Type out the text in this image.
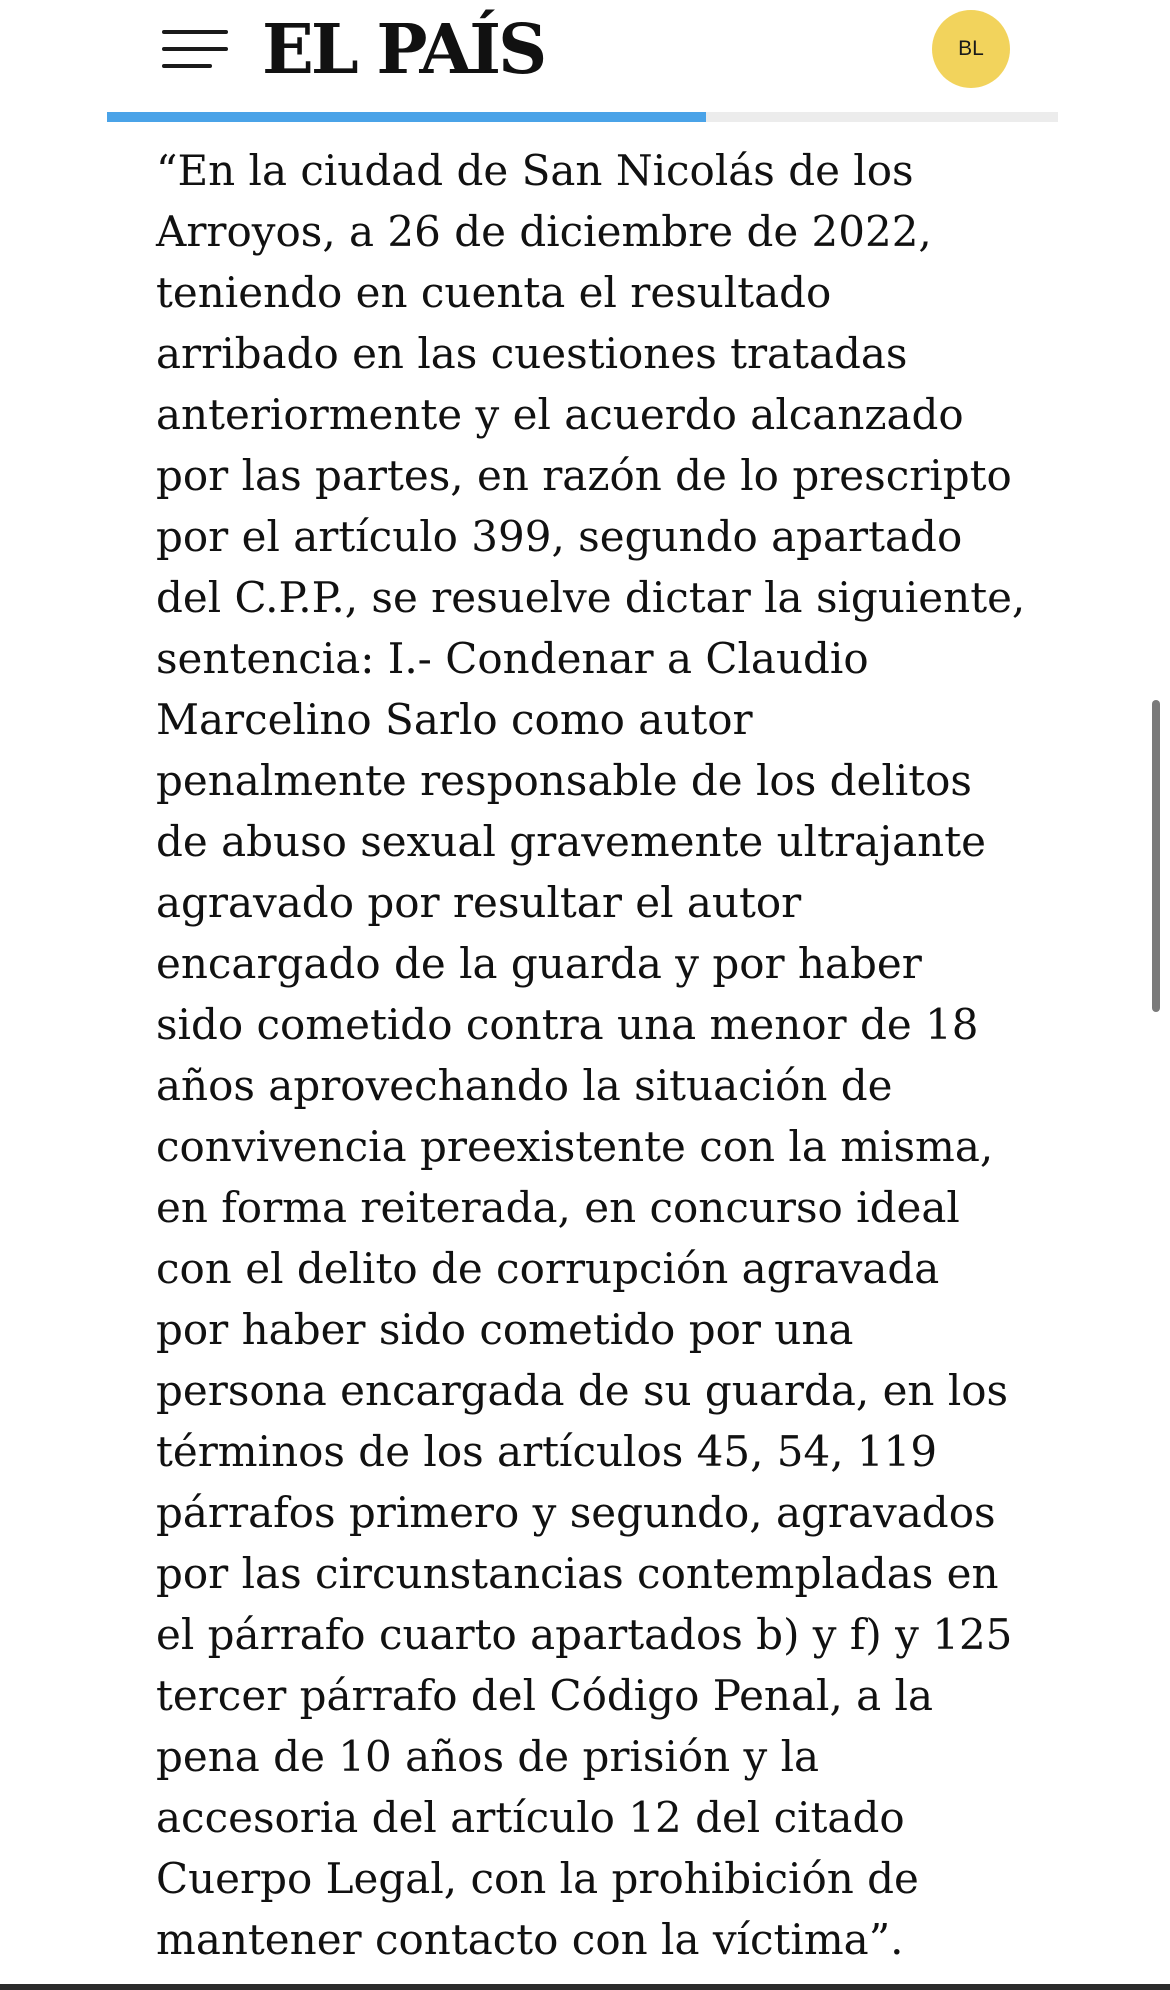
EL PAÍS	BL
“En la ciudad de San Nicolás de los
Arroyos, a 26 de diciembre de 2022,
teniendo en cuenta el resultado
arribado en las cuestiones tratadas
anteriormente y el acuerdo alcanzado
por las partes, en razón de lo prescripto
por el artículo 399, segundo apartado
del C.P.P., se resuelve dictar la siguiente,
sentencia: I.- Condenar a Claudio
Marcelino Sarlo como autor
penalmente responsable de los delitos
de abuso sexual gravemente ultrajante
agravado por resultar el autor
encargado de la guarda y por haber
sido cometido contra una menor de 18
años aprovechando la situación de
convivencia preexistente con la misma,
en forma reiterada, en concurso ideal
con el delito de corrupción agravada
por haber sido cometido por una
persona encargada de su guarda, en los
términos de los artículos 45, 54, 119
párrafos primero y segundo, agravados
por las circunstancias contempladas en
el párrafo cuarto apartados b) y f) y 125
tercer párrafo del Código Penal, a la
pena de 10 años de prisión y la
accesoria del artículo 12 del citado
Cuerpo Legal, con la prohibición de
mantener contacto con la víctima”.
